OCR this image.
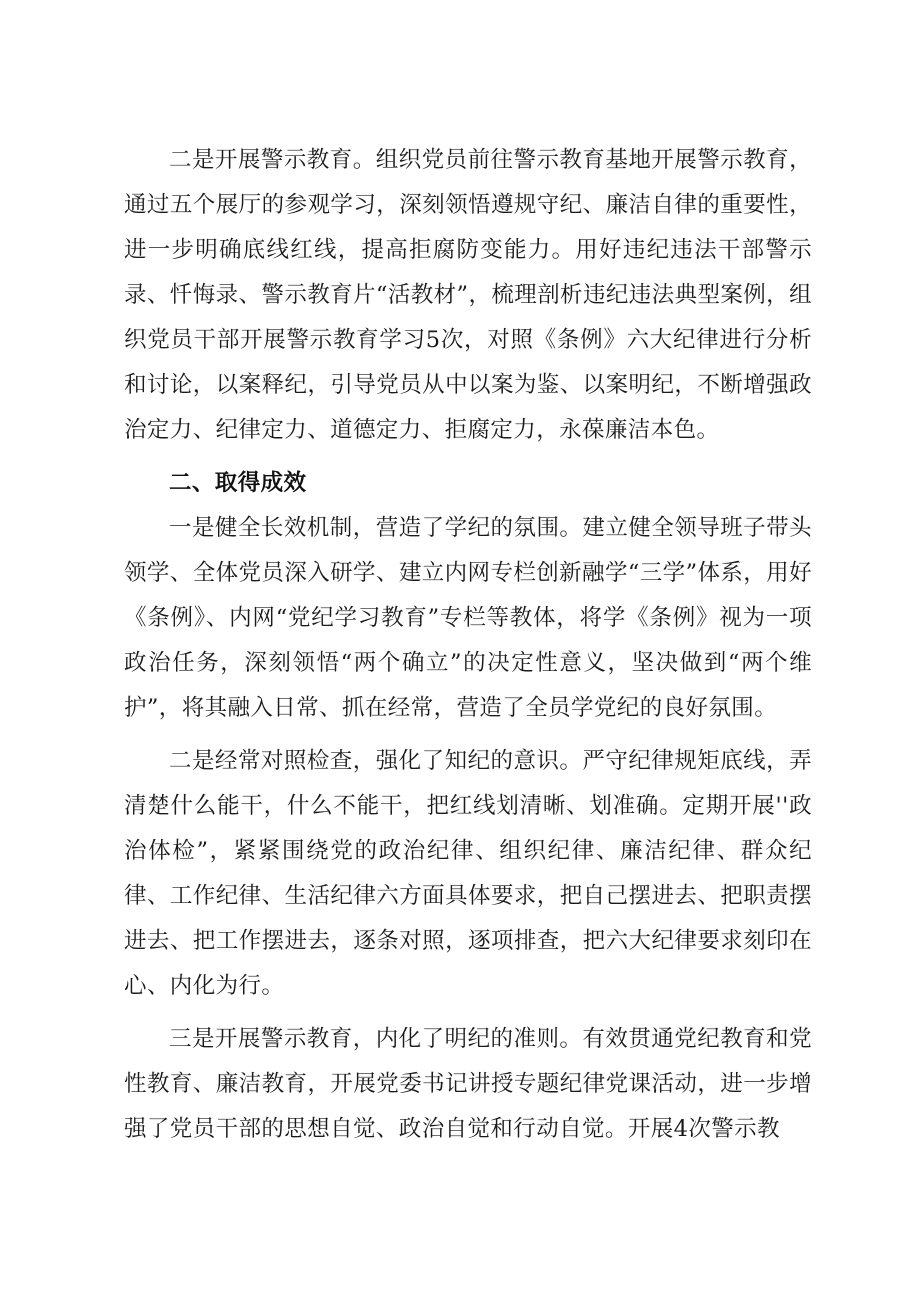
二是开展警示教育。组织党员前往警示教育基地开展警示教育，通过五个展厅的参观学习，深刻领悟遵规守纪、廉洁自律的重要性，进一步明确底线红线，提高拒腐防变能力。用好违纪违法干部警示录、忏悔录、警示教育片“活教材”，梳理剖析违纪违法典型案例，组织党员干部开展警示教育学习5次，对照《条例》六大纪律进行分析和讨论，以案释纪，引导党员从中以案为鉴、以案明纪，不断增强政治定力、纪律定力、道德定力、拒腐定力，永葆廉洁本色。

二、取得成效

一是健全长效机制，营造了学纪的氛围。建立健全领导班子带头领学、全体党员深入研学、建立内网专栏创新融学“三学”体系，用好《条例》、内网“党纪学习教育”专栏等教体，将学《条例》视为一项政治任务，深刻领悟“两个确立”的决定性意义，坚决做到“两个维护”，将其融入日常、抓在经常，营造了全员学党纪的良好氛围。

二是经常对照检查，强化了知纪的意识。严守纪律规矩底线，弄清楚什么能干，什么不能干，把红线划清晰、划准确。定期开展''政治体检”，紧紧围绕党的政治纪律、组织纪律、廉洁纪律、群众纪律、工作纪律、生活纪律六方面具体要求，把自己摆进去、把职责摆进去、把工作摆进去，逐条对照，逐项排查，把六大纪律要求刻印在心、内化为行。

三是开展警示教育，内化了明纪的准则。有效贯通党纪教育和党性教育、廉洁教育，开展党委书记讲授专题纪律党课活动，进一步增强了党员干部的思想自觉、政治自觉和行动自觉。开展4次警示教
